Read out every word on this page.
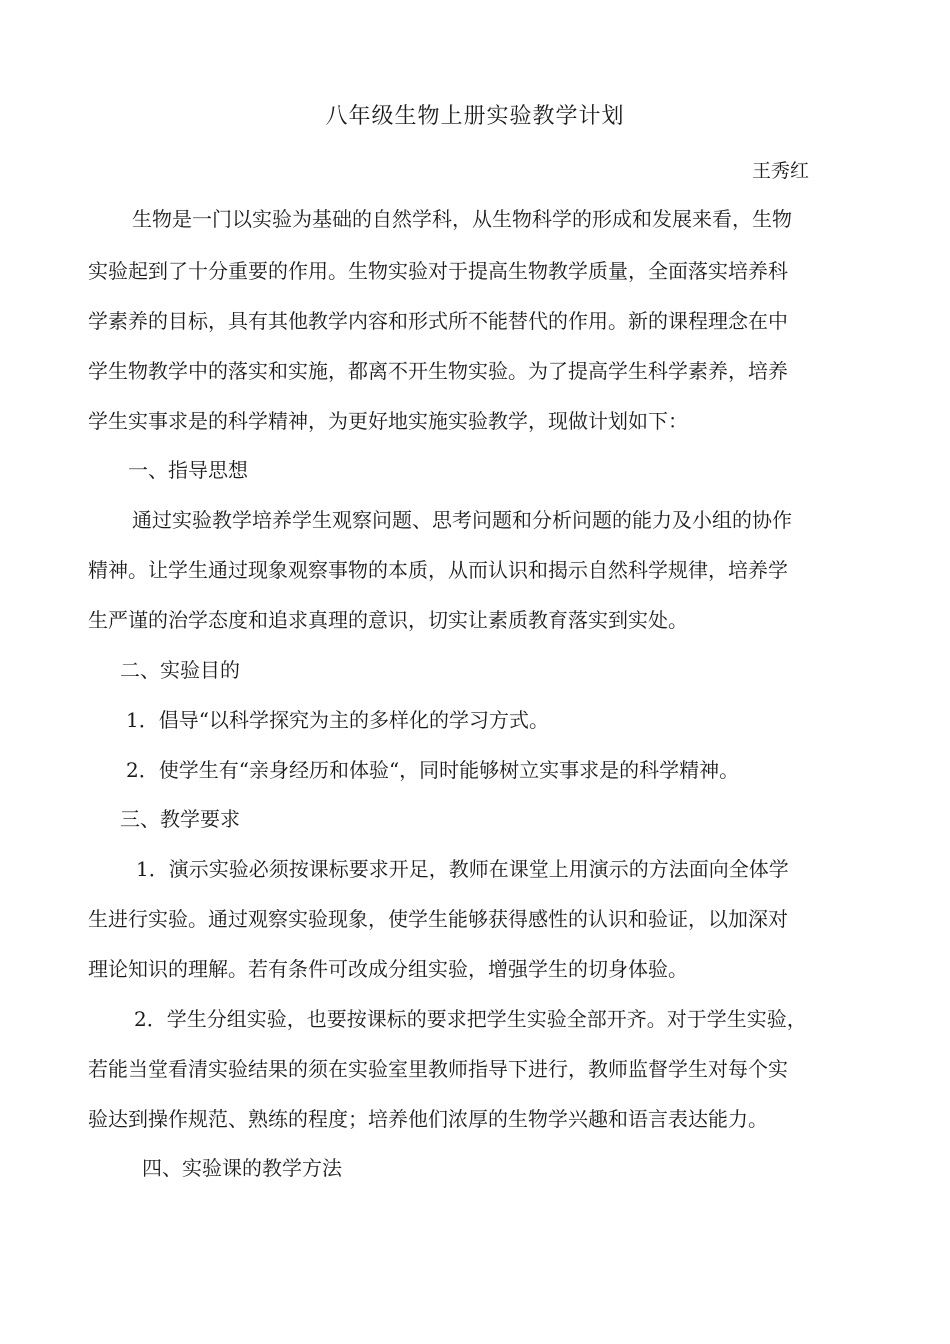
八年级生物上册实验教学计划
王秀红
生物是一门以实验为基础的自然学科，从生物科学的形成和发展来看，生物
实验起到了十分重要的作用。生物实验对于提高生物教学质量，全面落实培养科
学素养的目标，具有其他教学内容和形式所不能替代的作用。新的课程理念在中
学生物教学中的落实和实施，都离不开生物实验。为了提高学生科学素养，培养
学生实事求是的科学精神，为更好地实施实验教学，现做计划如下：
一、指导思想
通过实验教学培养学生观察问题、思考问题和分析问题的能力及小组的协作
精神。让学生通过现象观察事物的本质，从而认识和揭示自然科学规律，培养学
生严谨的治学态度和追求真理的意识，切实让素质教育落实到实处。
二、实验目的
1．倡导“以科学探究为主的多样化的学习方式。
2．使学生有“亲身经历和体验“，同时能够树立实事求是的科学精神。
三、教学要求
1．演示实验必须按课标要求开足，教师在课堂上用演示的方法面向全体学
生进行实验。通过观察实验现象，使学生能够获得感性的认识和验证，以加深对
理论知识的理解。若有条件可改成分组实验，增强学生的切身体验。
2．学生分组实验，也要按课标的要求把学生实验全部开齐。对于学生实验，
若能当堂看清实验结果的须在实验室里教师指导下进行，教师监督学生对每个实
验达到操作规范、熟练的程度；培养他们浓厚的生物学兴趣和语言表达能力。
四、实验课的教学方法
